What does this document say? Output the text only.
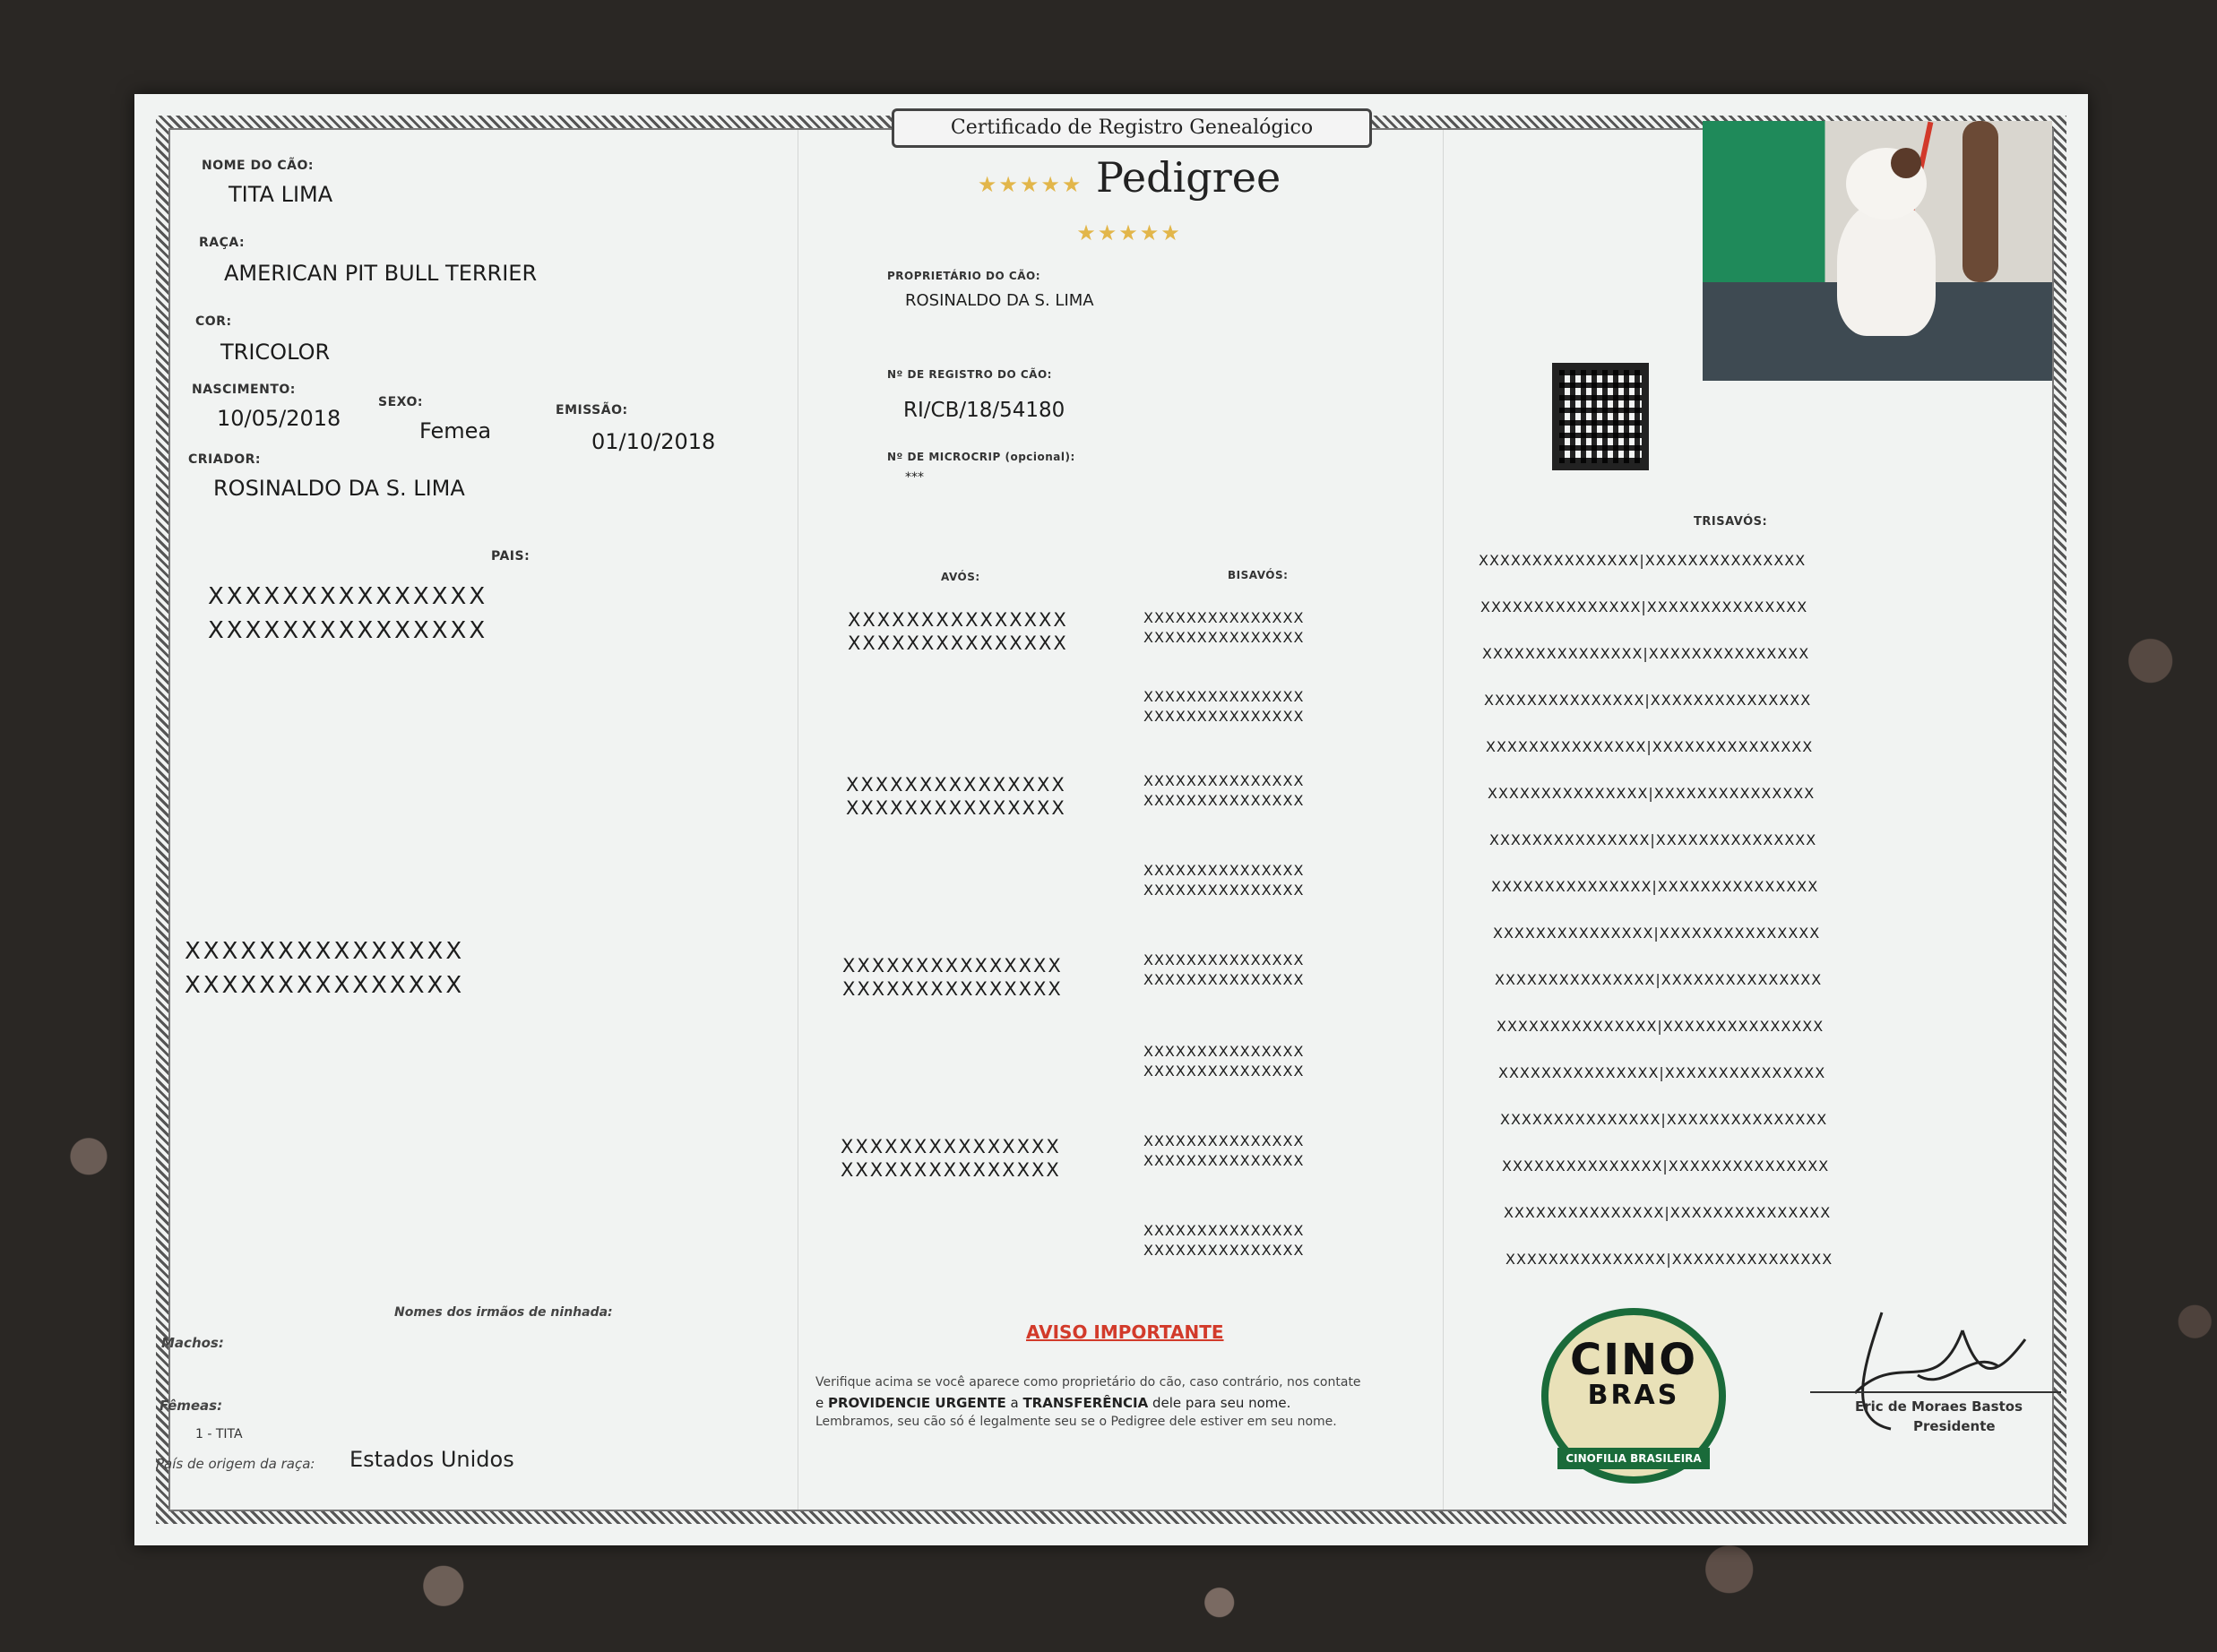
NOME DO CÃO:
TITA LIMA
RAÇA:
AMERICAN PIT BULL TERRIER
COR:
TRICOLOR
NASCIMENTO:
10/05/2018
SEXO:
Femea
EMISSÃO:
01/10/2018
CRIADOR:
ROSINALDO DA S. LIMA
PAIS:
XXXXXXXXXXXXXXX
XXXXXXXXXXXXXXX
XXXXXXXXXXXXXXX
XXXXXXXXXXXXXXX
Nomes dos irmãos de ninhada:
Machos:
Fêmeas:
1 - TITA
País de origem da raça: Estados Unidos
Certificado de Registro Genealógico
★★★★★ Pedigree ★★★★★
PROPRIETÁRIO DO CÃO:
ROSINALDO DA S. LIMA
Nº DE REGISTRO DO CÃO:
RI/CB/18/54180
Nº DE MICROCRIP (opcional):
***
AVÓS:	BISAVÓS:
XXXXXXXXXXXXXXX
XXXXXXXXXXXXXXX
XXXXXXXXXXXXXXX
XXXXXXXXXXXXXXX
XXXXXXXXXXXXXXX
XXXXXXXXXXXXXXX
XXXXXXXXXXXXXXX
XXXXXXXXXXXXXXX
XXXXXXXXXXXXXXX
XXXXXXXXXXXXXXX
XXXXXXXXXXXXXXX
XXXXXXXXXXXXXXX
XXXXXXXXXXXXXXX
XXXXXXXXXXXXXXX
XXXXXXXXXXXXXXX
XXXXXXXXXXXXXXX
XXXXXXXXXXXXXXX
XXXXXXXXXXXXXXX
XXXXXXXXXXXXXXX
XXXXXXXXXXXXXXX
XXXXXXXXXXXXXXX
XXXXXXXXXXXXXXX
XXXXXXXXXXXXXXX
XXXXXXXXXXXXXXX
AVISO IMPORTANTE
Verifique acima se você aparece como proprietário do cão, caso contrário, nos contate
e PROVIDENCIE URGENTE a TRANSFERÊNCIA dele para seu nome.
Lembramos, seu cão só é legalmente seu se o Pedigree dele estiver em seu nome.
TRISAVÓS:
XXXXXXXXXXXXXXX|XXXXXXXXXXXXXXX
XXXXXXXXXXXXXXX|XXXXXXXXXXXXXXX
XXXXXXXXXXXXXXX|XXXXXXXXXXXXXXX
XXXXXXXXXXXXXXX|XXXXXXXXXXXXXXX
XXXXXXXXXXXXXXX|XXXXXXXXXXXXXXX
XXXXXXXXXXXXXXX|XXXXXXXXXXXXXXX
XXXXXXXXXXXXXXX|XXXXXXXXXXXXXXX
XXXXXXXXXXXXXXX|XXXXXXXXXXXXXXX
XXXXXXXXXXXXXXX|XXXXXXXXXXXXXXX
XXXXXXXXXXXXXXX|XXXXXXXXXXXXXXX
XXXXXXXXXXXXXXX|XXXXXXXXXXXXXXX
XXXXXXXXXXXXXXX|XXXXXXXXXXXXXXX
XXXXXXXXXXXXXXX|XXXXXXXXXXXXXXX
XXXXXXXXXXXXXXX|XXXXXXXXXXXXXXX
XXXXXXXXXXXXXXX|XXXXXXXXXXXXXXX
XXXXXXXXXXXXXXX|XXXXXXXXXXXXXXX
CINO
BRAS
CINOFILIA BRASILEIRA
Eric de Moraes Bastos
Presidente
